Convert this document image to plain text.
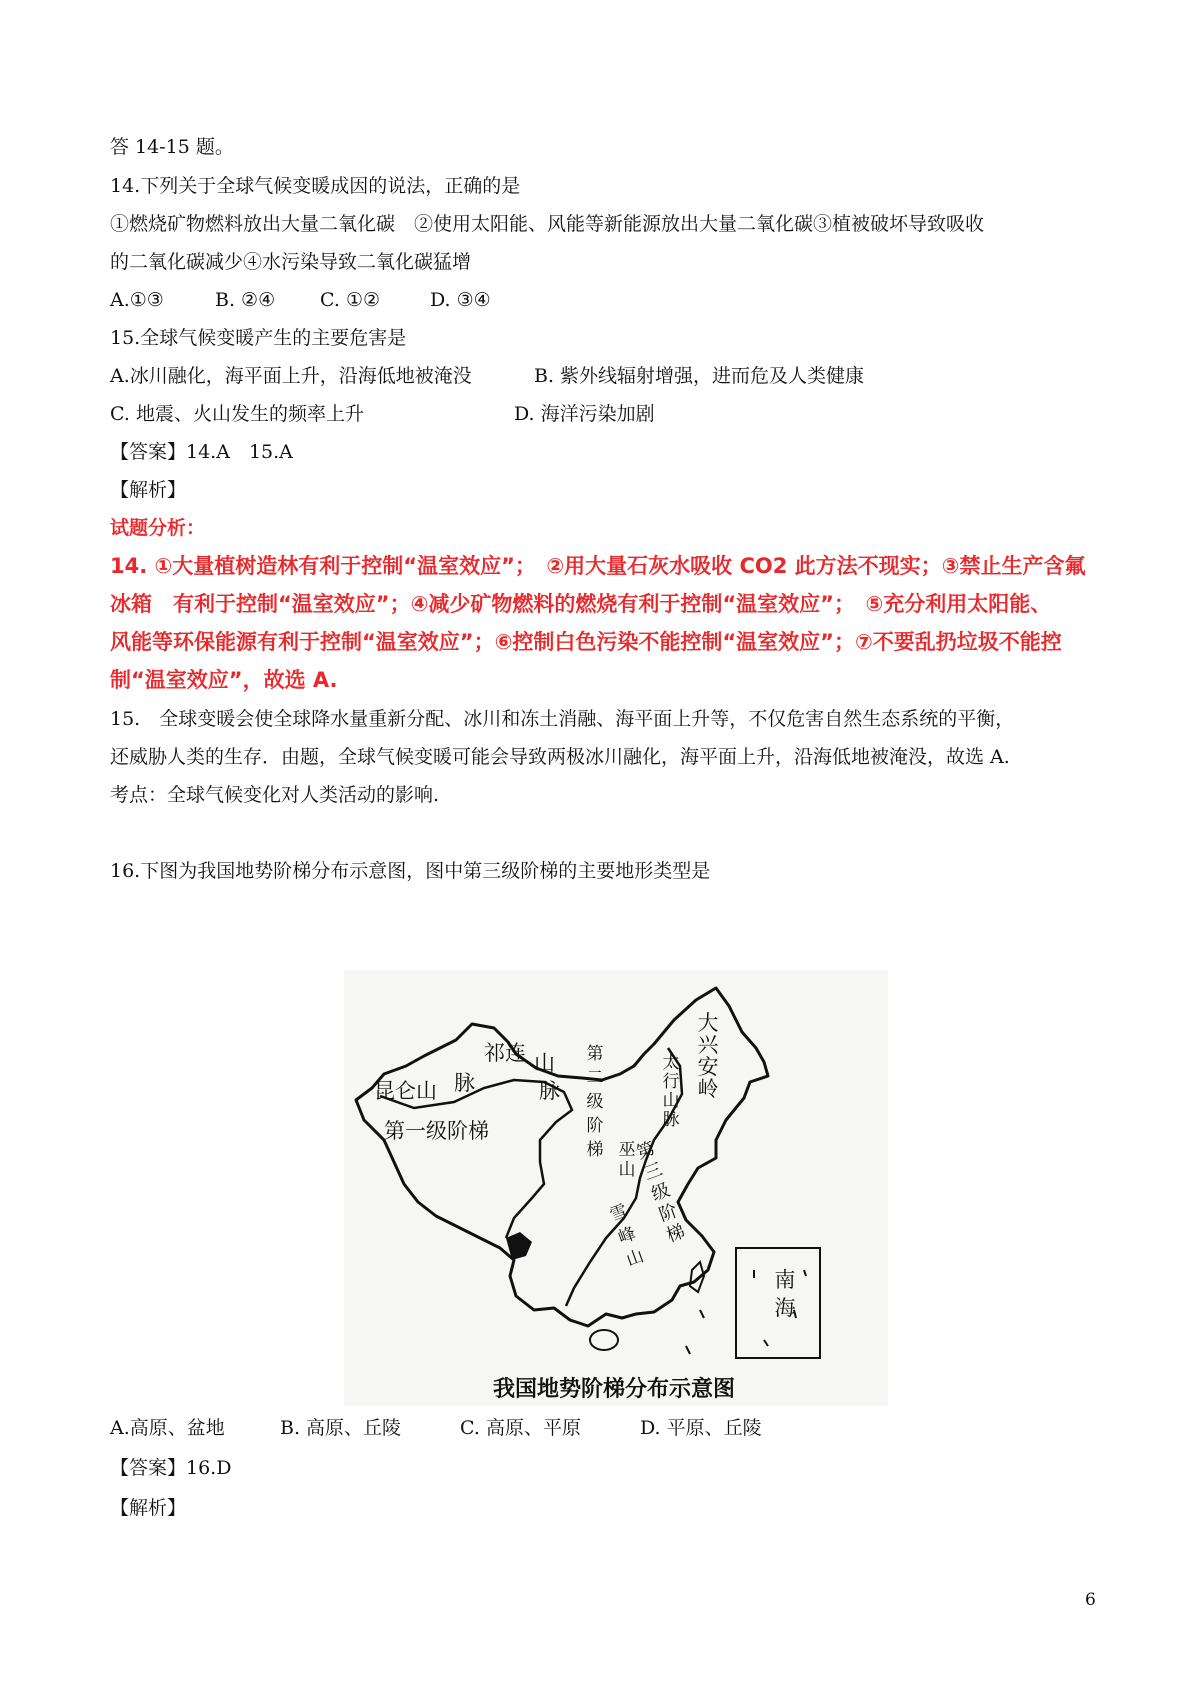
答 14-15 题。
14.下列关于全球气候变暖成因的说法，正确的是
①燃烧矿物燃料放出大量二氧化碳　②使用太阳能、风能等新能源放出大量二氧化碳③植被破坏导致吸收
的二氧化碳减少④水污染导致二氧化碳猛增
A.①③	B. ②④ C. ①②	D. ③④
15.全球气候变暖产生的主要危害是
A.冰川融化，海平面上升，沿海低地被淹没	B. 紫外线辐射增强，进而危及人类健康
C. 地震、火山发生的频率上升	D. 海洋污染加剧
【答案】14.A　15.A
【解析】
试题分析：
14. ①大量植树造林有利于控制“温室效应”；　②用大量石灰水吸收 CO2 此方法不现实；③禁止生产含氟
冰箱　有利于控制“温室效应”；④减少矿物燃料的燃烧有利于控制“温室效应”；　⑤充分利用太阳能、
风能等环保能源有利于控制“温室效应”；⑥控制白色污染不能控制“温室效应”；⑦不要乱扔垃圾不能控
制“温室效应”，故选 A.
15.　全球变暖会使全球降水量重新分配、冰川和冻土消融、海平面上升等，不仅危害自然生态系统的平衡，
还威胁人类的生存．由题，全球气候变暖可能会导致两极冰川融化，海平面上升，沿海低地被淹没，故选 A.
考点：全球气候变化对人类活动的影响.
16.下图为我国地势阶梯分布示意图，图中第三级阶梯的主要地形类型是
大兴安岭
祁连 山
脉
昆仑山 脉
第一级阶梯
第二级阶梯
太行山脉
巫山
雪峰山
第三级阶梯
南海
我国地势阶梯分布示意图
A.高原、盆地	B. 高原、丘陵	C. 高原、平原	D. 平原、丘陵
【答案】16.D
【解析】
6
